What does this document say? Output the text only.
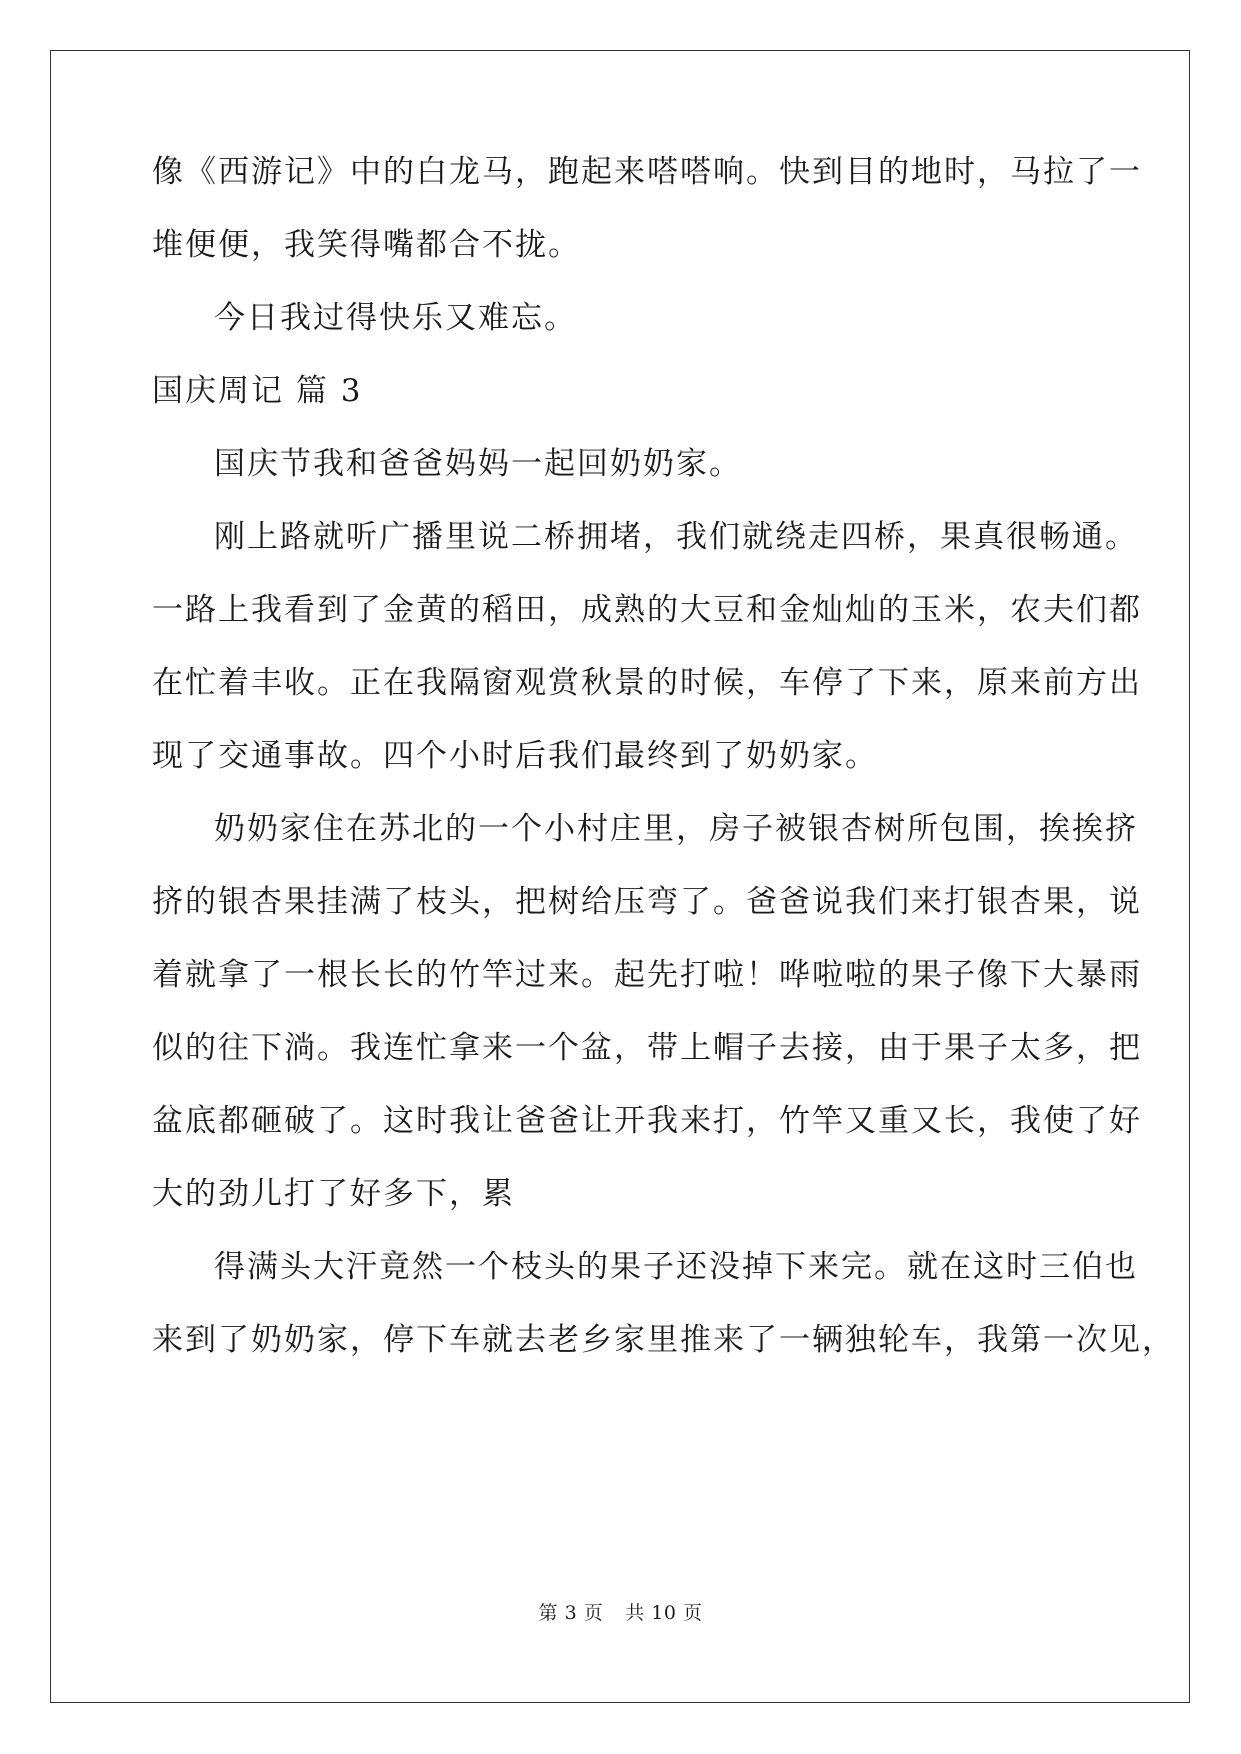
像《西游记》中的白龙马，跑起来嗒嗒响。快到目的地时，马拉了一
堆便便，我笑得嘴都合不拢。
今日我过得快乐又难忘。
国庆周记 篇 3
国庆节我和爸爸妈妈一起回奶奶家。
刚上路就听广播里说二桥拥堵，我们就绕走四桥，果真很畅通。
一路上我看到了金黄的稻田，成熟的大豆和金灿灿的玉米，农夫们都
在忙着丰收。正在我隔窗观赏秋景的时候，车停了下来，原来前方出
现了交通事故。四个小时后我们最终到了奶奶家。
奶奶家住在苏北的一个小村庄里，房子被银杏树所包围，挨挨挤
挤的银杏果挂满了枝头，把树给压弯了。爸爸说我们来打银杏果，说
着就拿了一根长长的竹竿过来。起先打啦！哗啦啦的果子像下大暴雨
似的往下淌。我连忙拿来一个盆，带上帽子去接，由于果子太多，把
盆底都砸破了。这时我让爸爸让开我来打，竹竿又重又长，我使了好
大的劲儿打了好多下，累
得满头大汗竟然一个枝头的果子还没掉下来完。就在这时三伯也
来到了奶奶家，停下车就去老乡家里推来了一辆独轮车，我第一次见，
第 3 页 共 10 页
